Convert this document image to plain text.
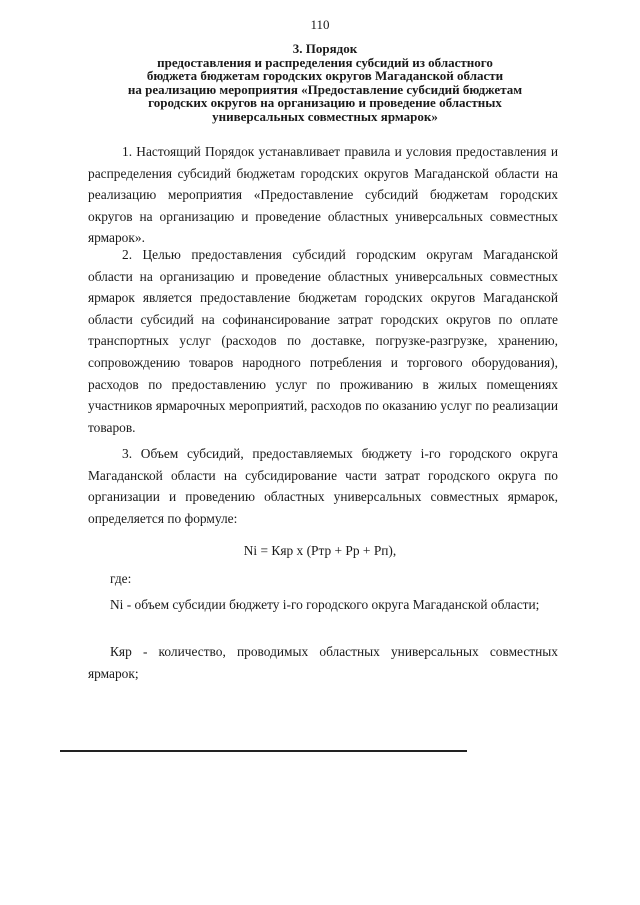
110
3. Порядок
предоставления и распределения субсидий из областного
бюджета бюджетам городских округов Магаданской области
на реализацию мероприятия «Предоставление субсидий бюджетам
городских округов на организацию и проведение областных
универсальных совместных ярмарок»

1. Настоящий Порядок устанавливает правила и условия предоставления и распределения субсидий бюджетам городских округов Магаданской области на реализацию мероприятия «Предоставление субсидий бюджетам городских округов на организацию и проведение областных универсальных совместных ярмарок».

2. Целью предоставления субсидий городским округам Магаданской области на организацию и проведение областных универсальных совместных ярмарок является предоставление бюджетам городских округов Магаданской области субсидий на софинансирование затрат городских округов по оплате транспортных услуг (расходов по доставке, погрузке-разгрузке, хранению, сопровождению товаров народного потребления и торгового оборудования), расходов по предоставлению услуг по проживанию в жилых помещениях участников ярмарочных мероприятий, расходов по оказанию услуг по реализации товаров.

3. Объем субсидий, предоставляемых бюджету i-го городского округа Магаданской области на субсидирование части затрат городского округа по организации и проведению областных универсальных совместных ярмарок, определяется по формуле:

Ni = Кяр х (Ртр + Рр + Рп),
где:

Ni - объем субсидии бюджету i-го городского округа Магаданской области;

Кяр - количество, проводимых областных универсальных совместных ярмарок;
